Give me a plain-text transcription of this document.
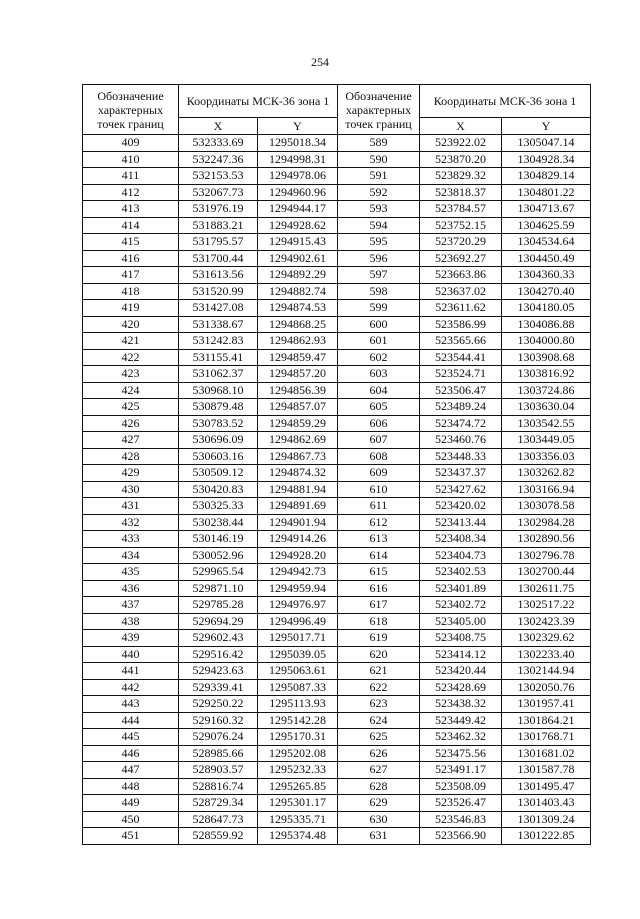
254
Обозначение характерных точек границ	Координаты МСК-36 зона 1		Обозначение характерных точек границ	Координаты МСК-36 зона 1	
	X	Y		X	Y
409	532333.69	1295018.34	589	523922.02	1305047.14
410	532247.36	1294998.31	590	523870.20	1304928.34
411	532153.53	1294978.06	591	523829.32	1304829.14
412	532067.73	1294960.96	592	523818.37	1304801.22
413	531976.19	1294944.17	593	523784.57	1304713.67
414	531883.21	1294928.62	594	523752.15	1304625.59
415	531795.57	1294915.43	595	523720.29	1304534.64
416	531700.44	1294902.61	596	523692.27	1304450.49
417	531613.56	1294892.29	597	523663.86	1304360.33
418	531520.99	1294882.74	598	523637.02	1304270.40
419	531427.08	1294874.53	599	523611.62	1304180.05
420	531338.67	1294868.25	600	523586.99	1304086.88
421	531242.83	1294862.93	601	523565.66	1304000.80
422	531155.41	1294859.47	602	523544.41	1303908.68
423	531062.37	1294857.20	603	523524.71	1303816.92
424	530968.10	1294856.39	604	523506.47	1303724.86
425	530879.48	1294857.07	605	523489.24	1303630.04
426	530783.52	1294859.29	606	523474.72	1303542.55
427	530696.09	1294862.69	607	523460.76	1303449.05
428	530603.16	1294867.73	608	523448.33	1303356.03
429	530509.12	1294874.32	609	523437.37	1303262.82
430	530420.83	1294881.94	610	523427.62	1303166.94
431	530325.33	1294891.69	611	523420.02	1303078.58
432	530238.44	1294901.94	612	523413.44	1302984.28
433	530146.19	1294914.26	613	523408.34	1302890.56
434	530052.96	1294928.20	614	523404.73	1302796.78
435	529965.54	1294942.73	615	523402.53	1302700.44
436	529871.10	1294959.94	616	523401.89	1302611.75
437	529785.28	1294976.97	617	523402.72	1302517.22
438	529694.29	1294996.49	618	523405.00	1302423.39
439	529602.43	1295017.71	619	523408.75	1302329.62
440	529516.42	1295039.05	620	523414.12	1302233.40
441	529423.63	1295063.61	621	523420.44	1302144.94
442	529339.41	1295087.33	622	523428.69	1302050.76
443	529250.22	1295113.93	623	523438.32	1301957.41
444	529160.32	1295142.28	624	523449.42	1301864.21
445	529076.24	1295170.31	625	523462.32	1301768.71
446	528985.66	1295202.08	626	523475.56	1301681.02
447	528903.57	1295232.33	627	523491.17	1301587.78
448	528816.74	1295265.85	628	523508.09	1301495.47
449	528729.34	1295301.17	629	523526.47	1301403.43
450	528647.73	1295335.71	630	523546.83	1301309.24
451	528559.92	1295374.48	631	523566.90	1301222.85
